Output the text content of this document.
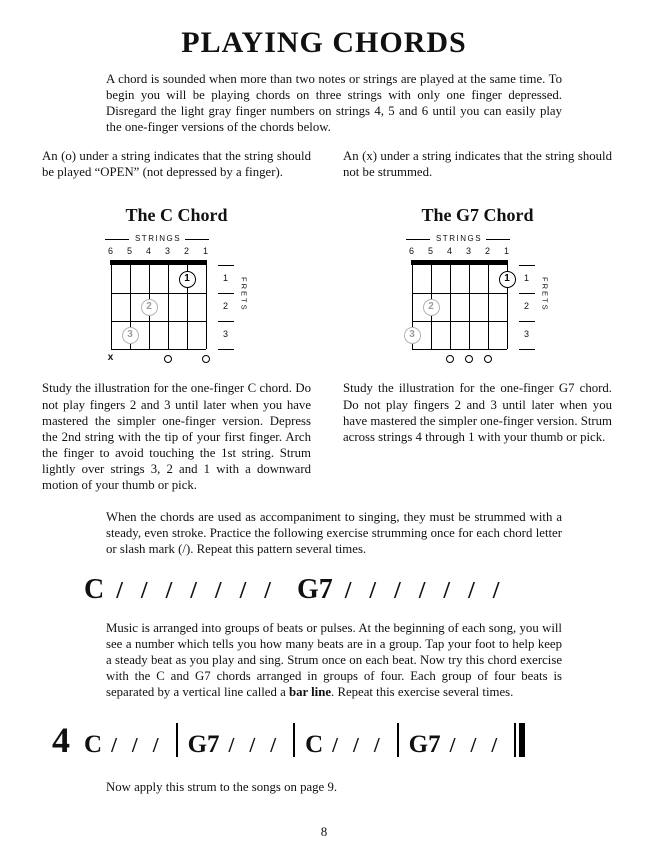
PLAYING CHORDS

A chord is sounded when more than two notes or strings are played at the same time. To begin you will be playing chords on three strings with only one finger depressed. Disregard the light gray finger numbers on strings 4, 5 and 6 until you can easily play the one-finger versions of the chords below.

An (o) under a string indicates that the string should be played “OPEN” (not depressed by a finger).

The C Chord
STRINGS
6	5	4	3	2	1
1
2
3
x
1
2
3
FRETS

Study the illustration for the one-finger C chord. Do not play fingers 2 and 3 until later when you have mastered the simpler one-finger version. Depress the 2nd string with the tip of your first finger. Arch the finger to avoid touching the 1st string. Strum lightly over strings 3, 2 and 1 with a downward motion of your thumb or pick.

An (x) under a string indicates that the string should not be strummed.

The G7 Chord
STRINGS
6	5	4	3	2	1
1
2
3
1
2
3
FRETS

Study the illustration for the one-finger G7 chord. Do not play fingers 2 and 3 until later when you have mastered the simpler one-finger version. Strum across strings 4 through 1 with your thumb or pick.

When the chords are used as accompaniment to singing, they must be strummed with a steady, even stroke. Practice the following exercise strumming once for each chord letter or slash mark (/). Repeat this pattern several times.

C / / / / / / / G7 / / / / / / /

Music is arranged into groups of beats or pulses. At the beginning of each song, you will see a number which tells you how many beats are in a group. Tap your foot to help keep a steady beat as you play and sing. Strum once on each beat. Now try this chord exercise with the C and G7 chords arranged in groups of four. Each group of four beats is separated by a vertical line called a bar line. Repeat this exercise several times.

4 C / / / G7 / / / C / / / G7 / / /

Now apply this strum to the songs on page 9.

8
